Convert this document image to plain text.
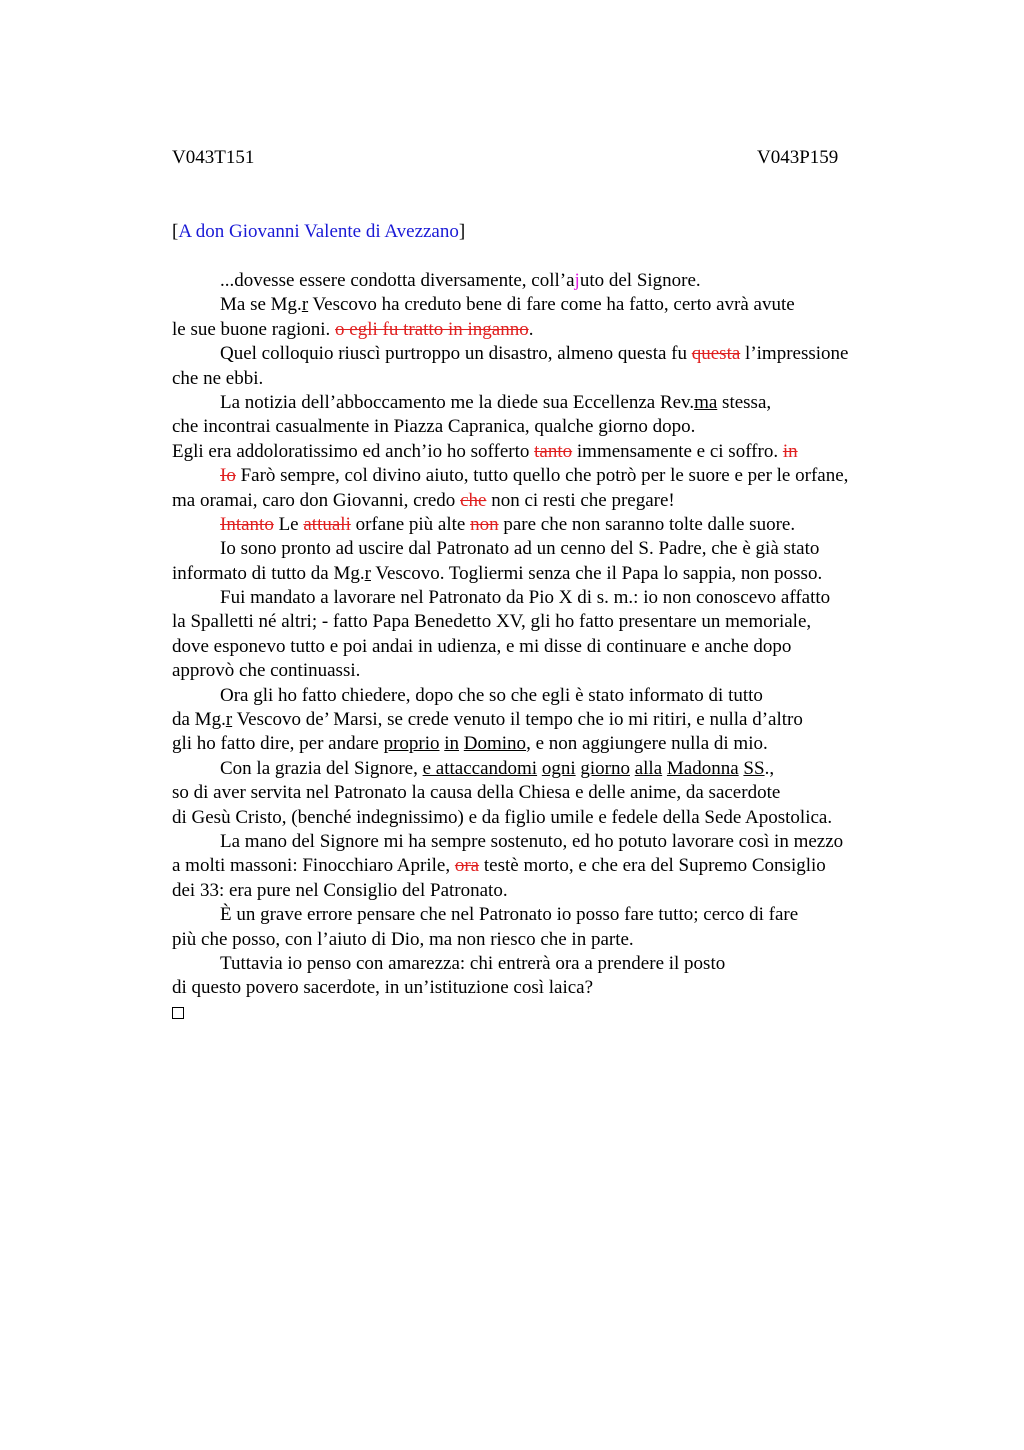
V043T151	V043P159
[A don Giovanni Valente di Avezzano]
...dovesse essere condotta diversamente, coll’ajuto del Signore.
Ma se Mg.r Vescovo ha creduto bene di fare come ha fatto, certo avrà avute
le sue buone ragioni. o egli fu tratto in inganno.
Quel colloquio riuscì purtroppo un disastro, almeno questa fu questa l’impressione
che ne ebbi.
La notizia dell’abboccamento me la diede sua Eccellenza Rev.ma stessa,
che incontrai casualmente in Piazza Capranica, qualche giorno dopo.
Egli era addoloratissimo ed anch’io ho sofferto tanto immensamente e ci soffro. in
Io Farò sempre, col divino aiuto, tutto quello che potrò per le suore e per le orfane,
ma oramai, caro don Giovanni, credo che non ci resti che pregare!
Intanto Le attuali orfane più alte non pare che non saranno tolte dalle suore.
Io sono pronto ad uscire dal Patronato ad un cenno del S. Padre, che è già stato
informato di tutto da Mg.r Vescovo. Togliermi senza che il Papa lo sappia, non posso.
Fui mandato a lavorare nel Patronato da Pio X di s. m.: io non conoscevo affatto
la Spalletti né altri; - fatto Papa Benedetto XV, gli ho fatto presentare un memoriale,
dove esponevo tutto e poi andai in udienza, e mi disse di continuare e anche dopo
approvò che continuassi.
Ora gli ho fatto chiedere, dopo che so che egli è stato informato di tutto
da Mg.r Vescovo de’ Marsi, se crede venuto il tempo che io mi ritiri, e nulla d’altro
gli ho fatto dire, per andare proprio in Domino, e non aggiungere nulla di mio.
Con la grazia del Signore, e attaccandomi ogni giorno alla Madonna SS.,
so di aver servita nel Patronato la causa della Chiesa e delle anime, da sacerdote
di Gesù Cristo, (benché indegnissimo) e da figlio umile e fedele della Sede Apostolica.
La mano del Signore mi ha sempre sostenuto, ed ho potuto lavorare così in mezzo
a molti massoni: Finocchiaro Aprile, ora testè morto, e che era del Supremo Consiglio
dei 33: era pure nel Consiglio del Patronato.
È un grave errore pensare che nel Patronato io posso fare tutto; cerco di fare
più che posso, con l’aiuto di Dio, ma non riesco che in parte.
Tuttavia io penso con amarezza: chi entrerà ora a prendere il posto
di questo povero sacerdote, in un’istituzione così laica?
